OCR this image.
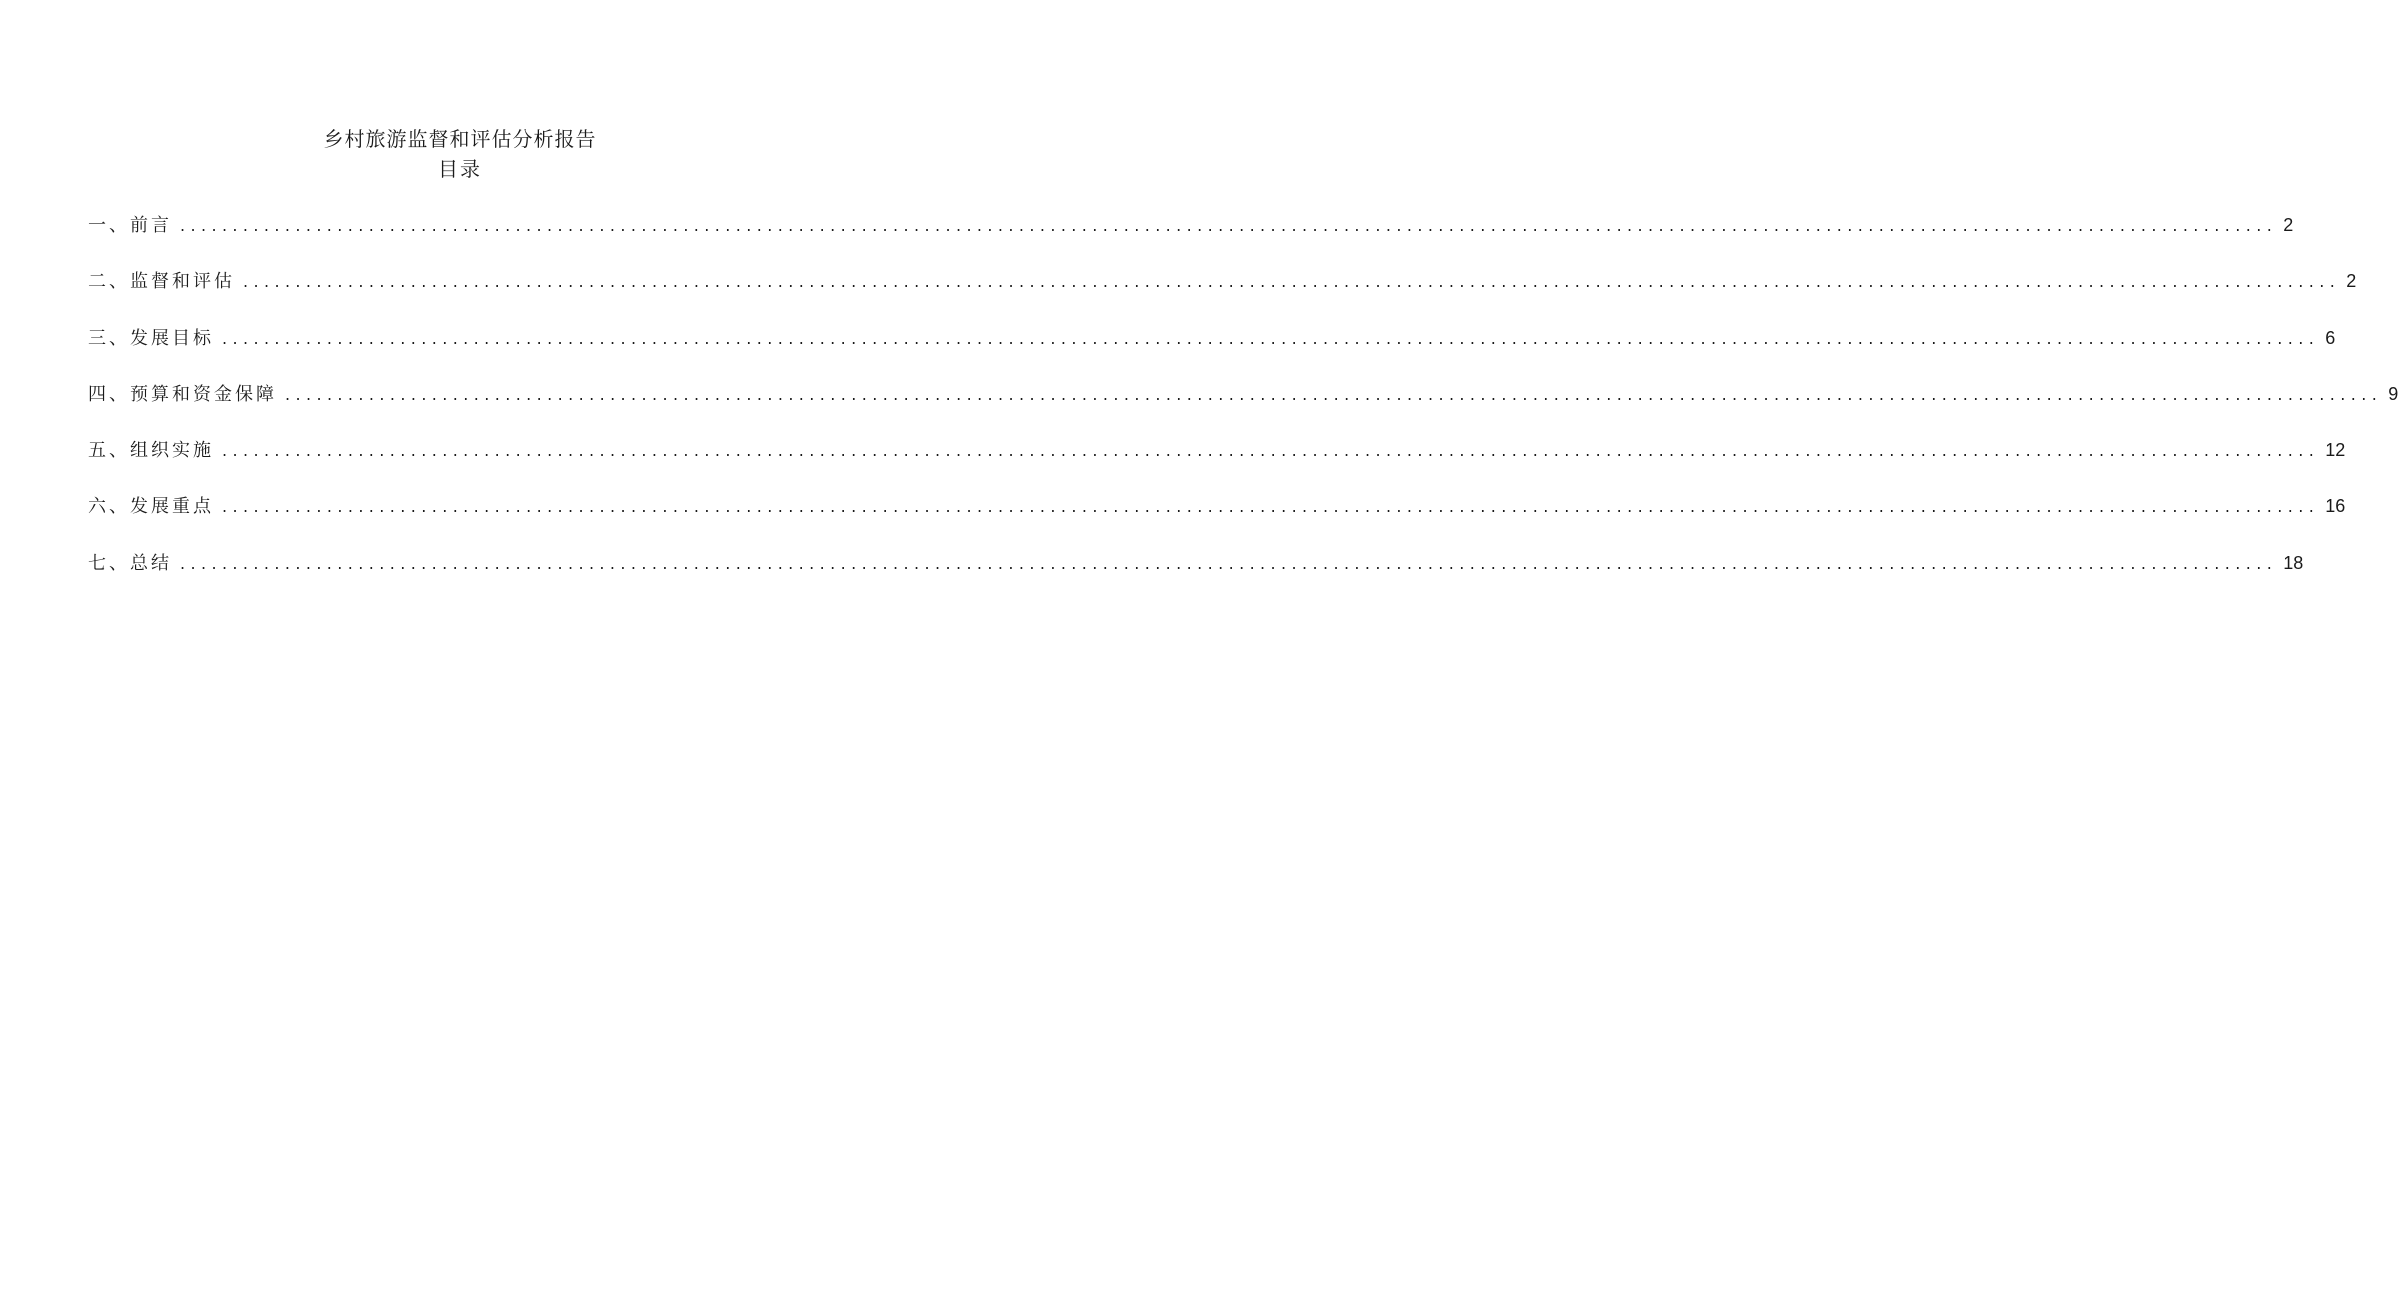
乡村旅游监督和评估分析报告
目录
一、前言 ........................................................................................................................................................................................................ 2
二、监督和评估 ........................................................................................................................................................................................................ 2
三、发展目标 ........................................................................................................................................................................................................ 6
四、预算和资金保障 ........................................................................................................................................................................................................ 9
五、组织实施 ........................................................................................................................................................................................................ 12
六、发展重点 ........................................................................................................................................................................................................ 16
七、总结 ........................................................................................................................................................................................................ 18
